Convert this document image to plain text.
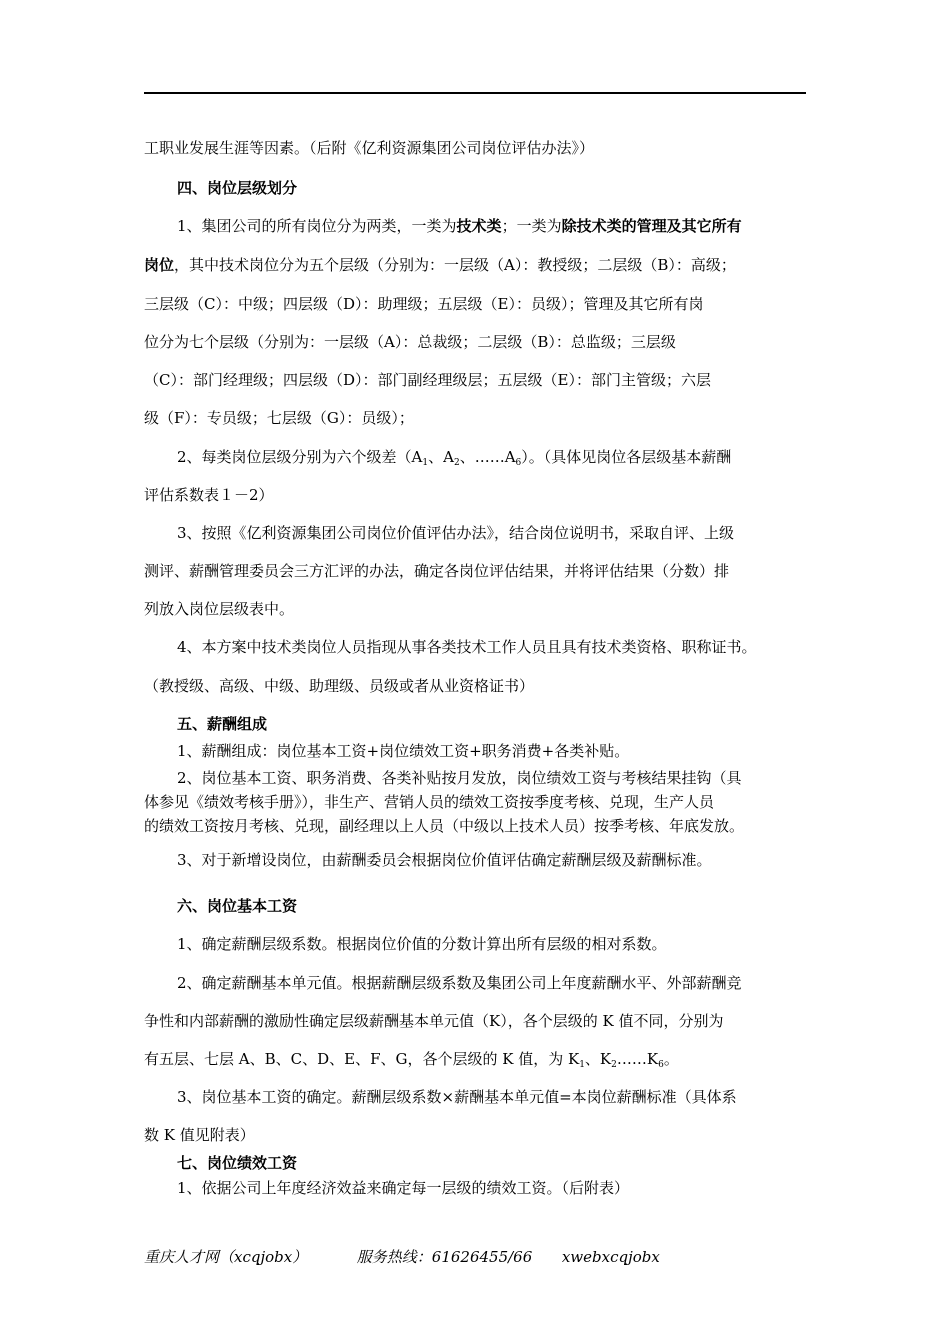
工职业发展生涯等因素。（后附《亿利资源集团公司岗位评估办法》）
四、岗位层级划分
1、集团公司的所有岗位分为两类，一类为技术类；一类为除技术类的管理及其它所有
岗位，其中技术岗位分为五个层级（分别为：一层级（A）：教授级；二层级（B）：高级；
三层级（C）：中级；四层级（D）：助理级；五层级（E）：员级）；管理及其它所有岗
位分为七个层级（分别为：一层级（A）：总裁级；二层级（B）：总监级；三层级
（C）：部门经理级；四层级（D）：部门副经理级层；五层级（E）：部门主管级；六层
级（F）：专员级；七层级（G）：员级）；
2、每类岗位层级分别为六个级差（$A_1$、$A_2$、$\dots\dots A_6$）。（具体见岗位各层级基本薪酬
评估系数表１－2）
3、按照《亿利资源集团公司岗位价值评估办法》，结合岗位说明书，采取自评、上级
测评、薪酬管理委员会三方汇评的办法，确定各岗位评估结果，并将评估结果（分数）排
列放入岗位层级表中。
4、本方案中技术类岗位人员指现从事各类技术工作人员且具有技术类资格、职称证书。
（教授级、高级、中级、助理级、员级或者从业资格证书）
五、薪酬组成
1、薪酬组成：岗位基本工资+岗位绩效工资+职务消费+各类补贴。
2、岗位基本工资、职务消费、各类补贴按月发放，岗位绩效工资与考核结果挂钩（具
体参见《绩效考核手册》），非生产、营销人员的绩效工资按季度考核、兑现，生产人员
的绩效工资按月考核、兑现，副经理以上人员（中级以上技术人员）按季考核、年底发放。
3、对于新增设岗位，由薪酬委员会根据岗位价值评估确定薪酬层级及薪酬标准。
六、岗位基本工资
1、确定薪酬层级系数。根据岗位价值的分数计算出所有层级的相对系数。
2、确定薪酬基本单元值。根据薪酬层级系数及集团公司上年度薪酬水平、外部薪酬竞
争性和内部薪酬的激励性确定层级薪酬基本单元值（K），各个层级的 K 值不同，分别为
有五层、七层 A、B、C、D、E、F、G，各个层级的 K 值，为 $K_1$、$K_2\dots\dots K_6$。
3、岗位基本工资的确定。薪酬层级系数×薪酬基本单元值=本岗位薪酬标准（具体系
数 K 值见附表）
七、岗位绩效工资
1、依据公司上年度经济效益来确定每一层级的绩效工资。（后附表）
重庆人才网（xcqjobx）	服务热线：61626455/66 xwebxcqjobx
